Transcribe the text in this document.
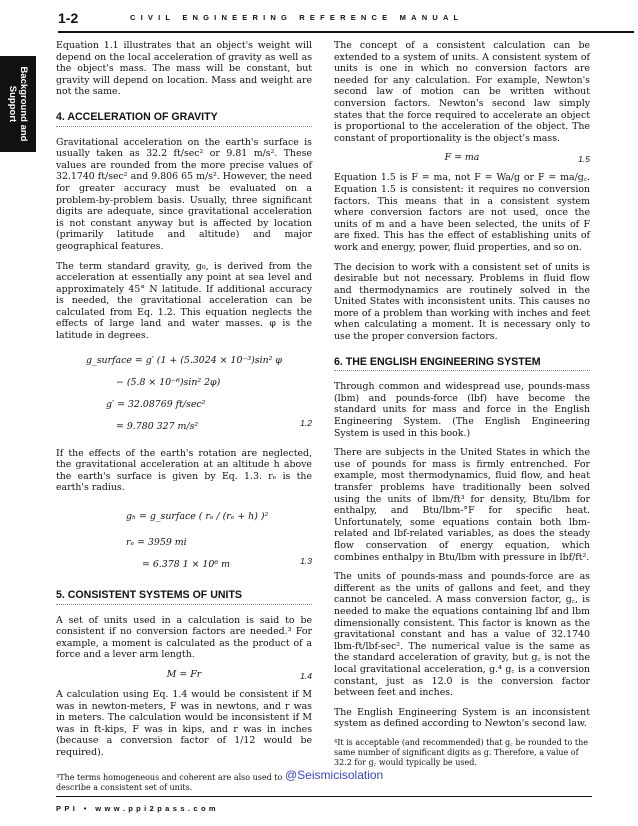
1-2	CIVIL ENGINEERING REFERENCE MANUAL
Background and
Support

Equation 1.1 illustrates that an object's weight will depend on the local acceleration of gravity as well as the object's mass. The mass will be constant, but gravity will depend on location. Mass and weight are not the same.

4. ACCELERATION OF GRAVITY

Gravitational acceleration on the earth's surface is usually taken as 32.2 ft/sec² or 9.81 m/s². These values are rounded from the more precise values of 32.1740 ft/sec² and 9.806 65 m/s². However, the need for greater accuracy must be evaluated on a problem-by-problem basis. Usually, three significant digits are adequate, since gravitational acceleration is not constant anyway but is affected by location (primarily latitude and altitude) and major geographical features.

The term standard gravity, g₀, is derived from the acceleration at essentially any point at sea level and approximately 45° N latitude. If additional accuracy is needed, the gravitational acceleration can be calculated from Eq. 1.2. This equation neglects the effects of large land and water masses. φ is the latitude in degrees.

g_surface = g′ (1 + (5.3024 × 10⁻³)sin² φ
− (5.8 × 10⁻⁶)sin² 2φ)
g′ = 32.08769 ft/sec²
= 9.780 327 m/s²	1.2

If the effects of the earth's rotation are neglected, the gravitational acceleration at an altitude h above the earth's surface is given by Eq. 1.3. rₑ is the earth's radius.

gₕ = g_surface ( rₑ / (rₑ + h) )²
rₑ = 3959 mi
= 6.378 1 × 10⁶ m	1.3
5. CONSISTENT SYSTEMS OF UNITS

A set of units used in a calculation is said to be consistent if no conversion factors are needed.³ For example, a moment is calculated as the product of a force and a lever arm length.

M = Fr	1.4

A calculation using Eq. 1.4 would be consistent if M was in newton-meters, F was in newtons, and r was in meters. The calculation would be inconsistent if M was in ft-kips, F was in kips, and r was in inches (because a conversion factor of 1/12 would be required).

³The terms homogeneous and coherent are also used to describe a consistent set of units.

The concept of a consistent calculation can be extended to a system of units. A consistent system of units is one in which no conversion factors are needed for any calculation. For example, Newton's second law of motion can be written without conversion factors. Newton's second law simply states that the force required to accelerate an object is proportional to the acceleration of the object. The constant of proportionality is the object's mass.

F = ma	1.5

Equation 1.5 is F = ma, not F = Wa/g or F = ma/g꜀. Equation 1.5 is consistent: it requires no conversion factors. This means that in a consistent system where conversion factors are not used, once the units of m and a have been selected, the units of F are fixed. This has the effect of establishing units of work and energy, power, fluid properties, and so on.

The decision to work with a consistent set of units is desirable but not necessary. Problems in fluid flow and thermodynamics are routinely solved in the United States with inconsistent units. This causes no more of a problem than working with inches and feet when calculating a moment. It is necessary only to use the proper conversion factors.

6. THE ENGLISH ENGINEERING SYSTEM

Through common and widespread use, pounds-mass (lbm) and pounds-force (lbf) have become the standard units for mass and force in the English Engineering System. (The English Engineering System is used in this book.)

There are subjects in the United States in which the use of pounds for mass is firmly entrenched. For example, most thermodynamics, fluid flow, and heat transfer problems have traditionally been solved using the units of lbm/ft³ for density, Btu/lbm for enthalpy, and Btu/lbm-°F for specific heat. Unfortunately, some equations contain both lbm-related and lbf-related variables, as does the steady flow conservation of energy equation, which combines enthalpy in Btu/lbm with pressure in lbf/ft².

The units of pounds-mass and pounds-force are as different as the units of gallons and feet, and they cannot be canceled. A mass conversion factor, g꜀, is needed to make the equations containing lbf and lbm dimensionally consistent. This factor is known as the gravitational constant and has a value of 32.1740 lbm-ft/lbf-sec². The numerical value is the same as the standard acceleration of gravity, but g꜀ is not the local gravitational acceleration, g.⁴ g꜀ is a conversion constant, just as 12.0 is the conversion factor between feet and inches.

The English Engineering System is an inconsistent system as defined according to Newton's second law.

⁴It is acceptable (and recommended) that g꜀ be rounded to the same number of significant digits as g. Therefore, a value of 32.2 for g꜀ would typically be used.
@Seismicisolation
PPI • www.ppi2pass.com
